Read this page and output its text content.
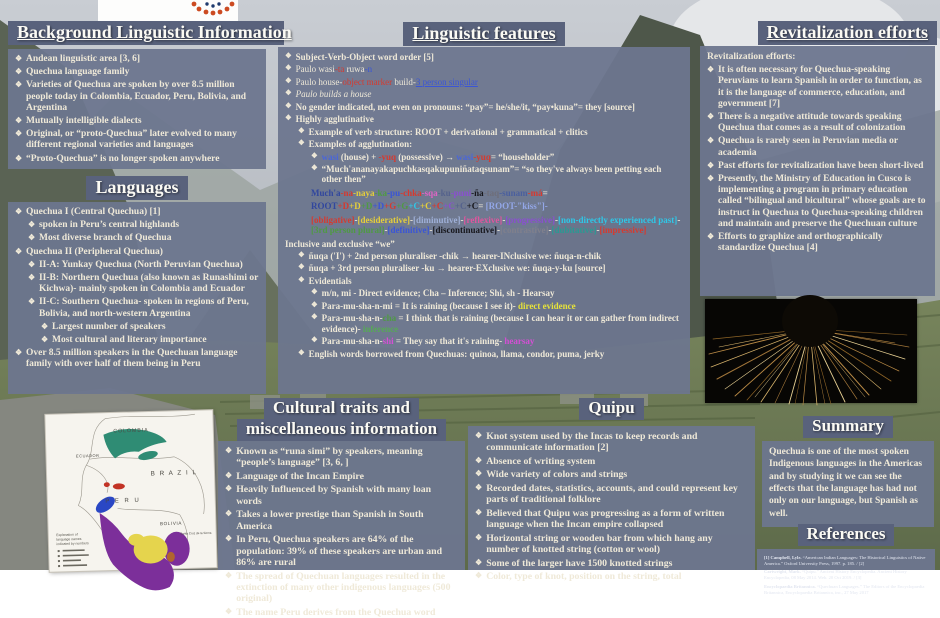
Background Linguistic Information
❖ Andean linguistic area [3, 6]
❖ Quechua language family
❖ Varieties of Quechua are spoken by over 8.5 million people today in Colombia, Ecuador, Peru, Bolivia, and Argentina
❖ Mutually intelligible dialects
❖ Original, or “proto-Quechua” later evolved to many different regional varieties and languages
❖ “Proto-Quechua” is no longer spoken anywhere
Languages
❖ Quechua I (Central Quechua) [1]
❖ spoken in Peru’s central highlands
❖ Most diverse branch of Quechua
❖ Quechua II (Peripheral Quechua)
❖ II-A: Yunkay Quechua (North Peruvian Quechua)
❖ II-B: Northern Quechua (also known as Runashimi or Kichwa)- mainly spoken in Colombia and Ecuador
❖ II-C: Southern Quechua- spoken in regions of Peru, Bolivia, and north-western Argentina
❖ Largest number of speakers
❖ Most cultural and literary importance
❖ Over 8.5 million speakers in the Quechuan language family with over half of them being in Peru
Linguistic features
❖ Subject-Verb-Object word order [5]
❖ Paulo wasi-ta ruwa-n
❖ Paulo house-object marker build-3 person singular
❖ Paulo builds a house
❖ No gender indicated, not even on pronouns: “pay”= he/she/it, “pay•kuna”= they [source]
❖ Highly agglutinative
❖ Example of verb structure: ROOT + derivational + grammatical + clitics
❖ Examples of agglutination:
❖ wasi (house) + -yuq (possessive) → wasi-yuq= “householder”
❖ “Much'ananayakapuchkasqakupuniñataqsunam”= “so they've always been petting each other then”
Much'a-na-naya-ka-pu-chka-sqa-ku-puni-ña-taq-sunam-má=
ROOT+D+D+D+D+G+G+C+C+C+C+C+C= [ROOT-"kiss"]-
[obligative]-[desiderative]-[diminutive]-[reflexive]-[progressive]-[non-directly experienced past]-[3rd person plural]-[definitive]-[discontinuative]-[contrastive]-[dubitative]-[impressive]
Inclusive and exclusive “we”
❖ ñuqa ('I') + 2nd person pluraliser -chik → hearer-INclusive we: ñuqa-n-chik
❖ ñuqa + 3rd person pluraliser -ku → hearer-EXclusive we: ñuqa-y-ku [source]
❖ Evidentials
❖ m/n, mi - Direct evidence; Cha – Inference; Shi, sh - Hearsay
❖ Para-mu-sha-n-mi = It is raining (because I see it)- direct evidence
❖ Para-mu-sha-n-cha = I think that is raining (because I can hear it or can gather from indirect evidence)- inference
❖ Para-mu-sha-n-shi = They say that it's raining- hearsay
❖ English words borrowed from Quechuas: quinoa, llama, condor, puma, jerky
Revitalization efforts
Revitalization efforts:
❖ It is often necessary for Quechua-speaking Peruvians to learn Spanish in order to function, as it is the language of commerce, education, and government [7]
❖ There is a negative attitude towards speaking Quechua that comes as a result of colonization
❖ Quechua is rarely seen in Peruvian media or academia
❖ Past efforts for revitalization have been short-lived
❖ Presently, the Ministry of Education in Cusco is implementing a program in primary education called “bilingual and bicultural” whose goals are to instruct in Quechua to Quechua-speaking children and maintain and preserve the Quechuan culture
❖ Efforts to graphize and orthographically standardize Quechua [4]
COLOMBIA
ECUADOR
B R A Z I L
P E R U
BOLIVIA
Santa Cruz de la Sierra
Explanation of
language names
indicated by numbers
Cultural traits and
miscellaneous information
❖ Known as “runa simi” by speakers, meaning “people’s language” [3, 6, ]
❖ Language of the Incan Empire
❖ Heavily Influenced by Spanish with many loan words
❖ Takes a lower prestige than Spanish in South America
❖ In Peru, Quechua speakers are 64% of the population: 39% of these speakers are urban and 86% are rural
❖ The spread of Quechuan languages resulted in the extinction of many other indigenous languages (500 original)
❖ The name Peru derives from the Quechua word
Quipu
❖ Knot system used by the Incas to keep records and communicate information [2]
❖ Absence of writing system
❖ Wide variety of colors and strings
❖ Recorded dates, statistics, accounts, and could represent key parts of traditional folklore
❖ Believed that Quipu was progressing as a form of written language when the Incan empire collapsed
❖ Horizontal string or wooden bar from which hang any number of knotted string (cotton or wool)
❖ Some of the larger have 1500 knotted strings
❖ Color, type of knot, position on the string, total
Summary
Quechua is one of the most spoken Indigenous languages in the Americas and by studying it we can see the effects that the language has had not only on our language, but Spanish as well.
References
[1] Campbell, Lyle. “American Indian Languages: The Historical Linguistics of Native America.” Oxford University Press, 1997. p. 185. / [2]
Cartwright, Mark. “Quipu.” Ancient History Encyclopedia. Ancient History Encyclopedia, 08 May 2014. Web. 20 Oct 2019. / [3]
Encyclopaedia Britannica. “Quechuan Languages.” The Editors of the Encyclopaedia Britannica, Encyclopaedia Britannica, inc., 27 May 2017
